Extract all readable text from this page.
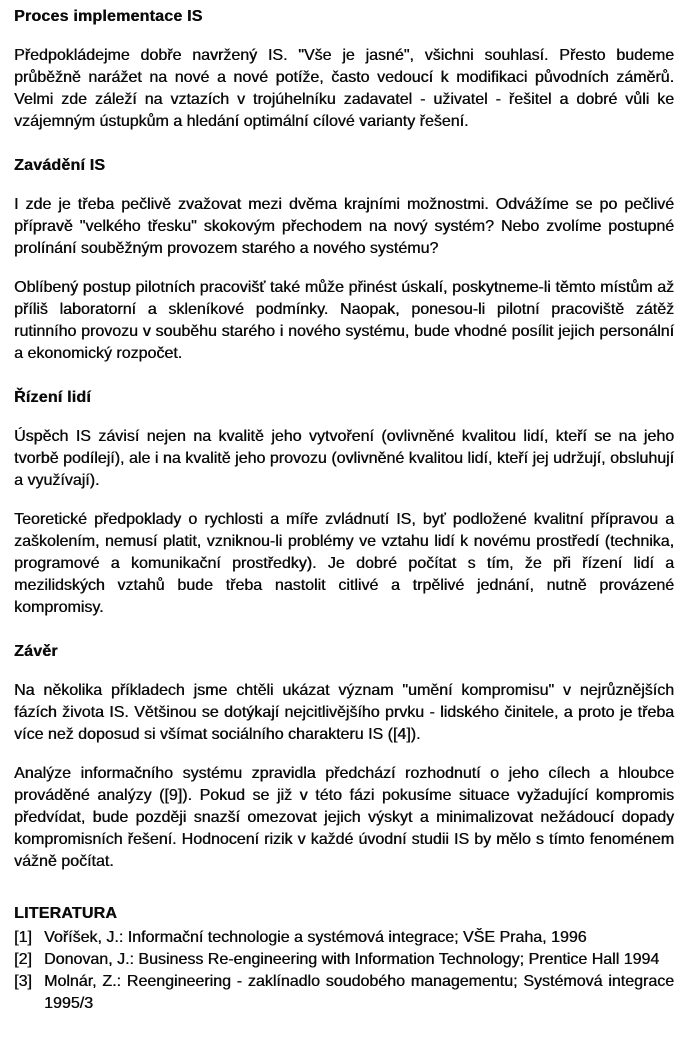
Proces implementace IS

Předpokládejme dobře navržený IS. "Vše je jasné", všichni souhlasí. Přesto budeme průběžně narážet na nové a nové potíže, často vedoucí k modifikaci původních záměrů. Velmi zde záleží na vztazích v trojúhelníku zadavatel - uživatel - řešitel a dobré vůli ke vzájemným ústupkům a hledání optimální cílové varianty řešení.

Zavádění IS

I zde je třeba pečlivě zvažovat mezi dvěma krajními možnostmi. Odvážíme se po pečlivé přípravě "velkého třesku" skokovým přechodem na nový systém? Nebo zvolíme postupné prolínání souběžným provozem starého a nového systému?

Oblíbený postup pilotních pracovišť také může přinést úskalí, poskytneme-li těmto místům až příliš laboratorní a skleníkové podmínky. Naopak, ponesou-li pilotní pracoviště zátěž rutinního provozu v souběhu starého i nového systému, bude vhodné posílit jejich personální a ekonomický rozpočet.

Řízení lidí

Úspěch IS závisí nejen na kvalitě jeho vytvoření (ovlivněné kvalitou lidí, kteří se na jeho tvorbě podílejí), ale i na kvalitě jeho provozu (ovlivněné kvalitou lidí, kteří jej udržují, obsluhují a využívají).

Teoretické předpoklady o rychlosti a míře zvládnutí IS, byť podložené kvalitní přípravou a zaškolením, nemusí platit, vzniknou-li problémy ve vztahu lidí k novému prostředí (technika, programové a komunikační prostředky). Je dobré počítat s tím, že při řízení lidí a mezilidských vztahů bude třeba nastolit citlivé a trpělivé jednání, nutně provázené kompromisy.

Závěr

Na několika příkladech jsme chtěli ukázat význam "umění kompromisu" v nejrůznějších fázích života IS. Většinou se dotýkají nejcitlivějšího prvku - lidského činitele, a proto je třeba více než doposud si všímat sociálního charakteru IS ([4]).

Analýze informačního systému zpravidla předchází rozhodnutí o jeho cílech a hloubce prováděné analýzy ([9]). Pokud se již v této fázi pokusíme situace vyžadující kompromis předvídat, bude později snazší omezovat jejich výskyt a minimalizovat nežádoucí dopady kompromisních řešení. Hodnocení rizik v každé úvodní studii IS by mělo s tímto fenoménem vážně počítat.

LITERATURA
[1] Voříšek, J.: Informační technologie a systémová integrace; VŠE Praha, 1996
[2] Donovan, J.: Business Re-engineering with Information Technology; Prentice Hall 1994
[3] Molnár, Z.: Reengineering - zaklínadlo soudobého managementu; Systémová integrace 1995/3
